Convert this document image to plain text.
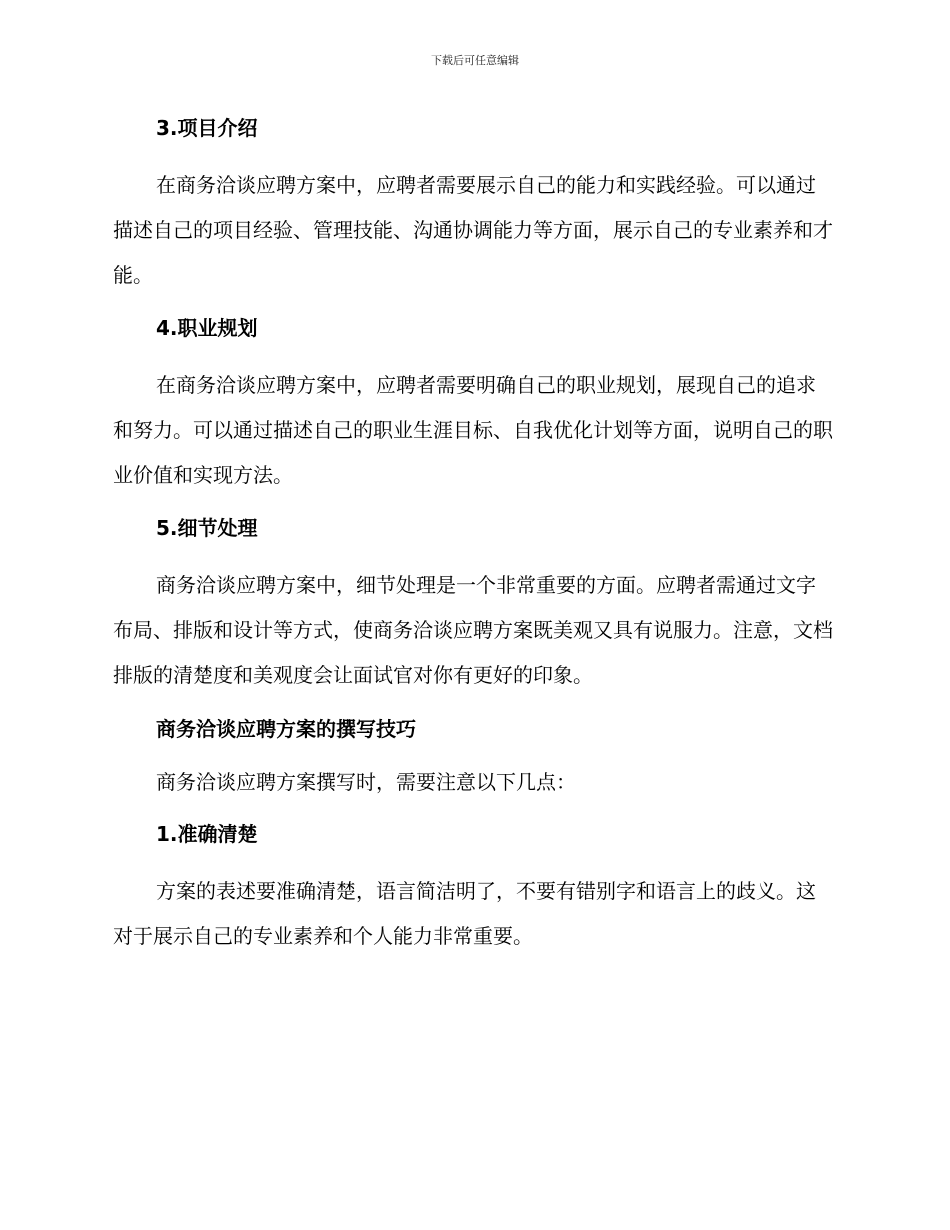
下载后可任意编辑
3.项目介绍

在商务洽谈应聘方案中，应聘者需要展示自己的能力和实践经验。可以通过描述自己的项目经验、管理技能、沟通协调能力等方面，展示自己的专业素养和才能。

4.职业规划

在商务洽谈应聘方案中，应聘者需要明确自己的职业规划，展现自己的追求和努力。可以通过描述自己的职业生涯目标、自我优化计划等方面，说明自己的职业价值和实现方法。

5.细节处理

商务洽谈应聘方案中，细节处理是一个非常重要的方面。应聘者需通过文字布局、排版和设计等方式，使商务洽谈应聘方案既美观又具有说服力。注意，文档排版的清楚度和美观度会让面试官对你有更好的印象。

商务洽谈应聘方案的撰写技巧

商务洽谈应聘方案撰写时，需要注意以下几点：

1.准确清楚

方案的表述要准确清楚，语言简洁明了，不要有错别字和语言上的歧义。这对于展示自己的专业素养和个人能力非常重要。
